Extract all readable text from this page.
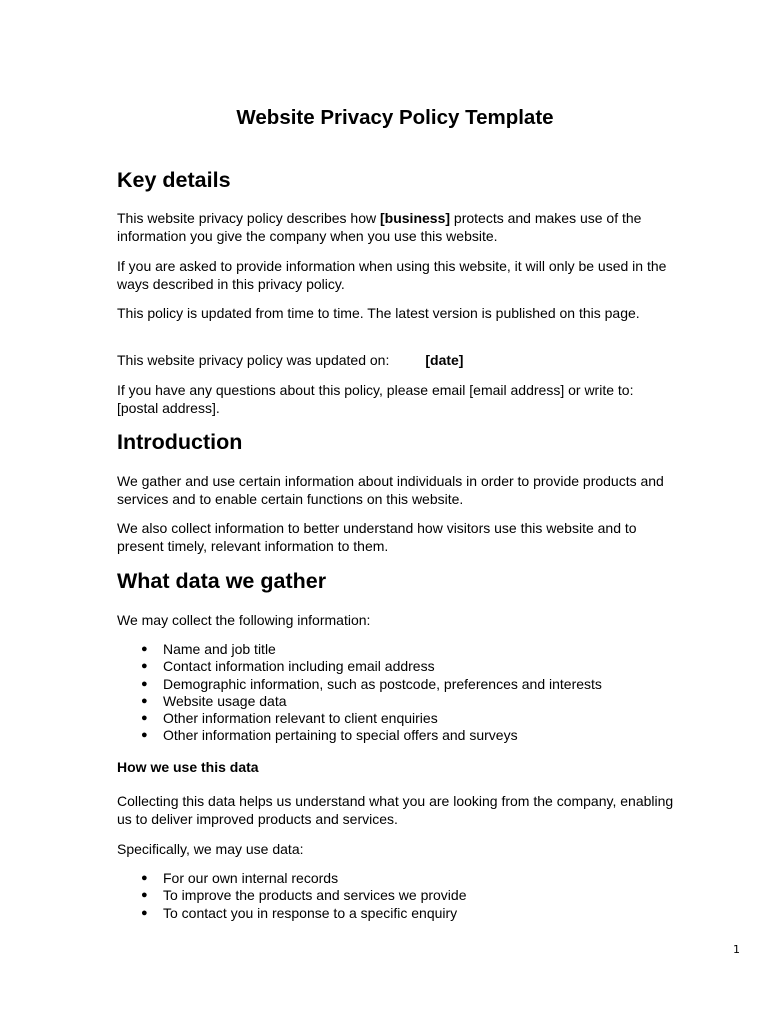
Website Privacy Policy Template
Key details

This website privacy policy describes how [business] protects and makes use of the information you give the company when you use this website.

If you are asked to provide information when using this website, it will only be used in the ways described in this privacy policy.

This policy is updated from time to time. The latest version is published on this page.

This website privacy policy was updated on:	[date]

If you have any questions about this policy, please email [email address] or write to: [postal address].

Introduction

We gather and use certain information about individuals in order to provide products and services and to enable certain functions on this website.

We also collect information to better understand how visitors use this website and to present timely, relevant information to them.

What data we gather

We may collect the following information:

● Name and job title
● Contact information including email address
● Demographic information, such as postcode, preferences and interests
● Website usage data
● Other information relevant to client enquiries
● Other information pertaining to special offers and surveys

How we use this data

Collecting this data helps us understand what you are looking from the company, enabling us to deliver improved products and services.

Specifically, we may use data:

● For our own internal records
● To improve the products and services we provide
● To contact you in response to a specific enquiry
1
